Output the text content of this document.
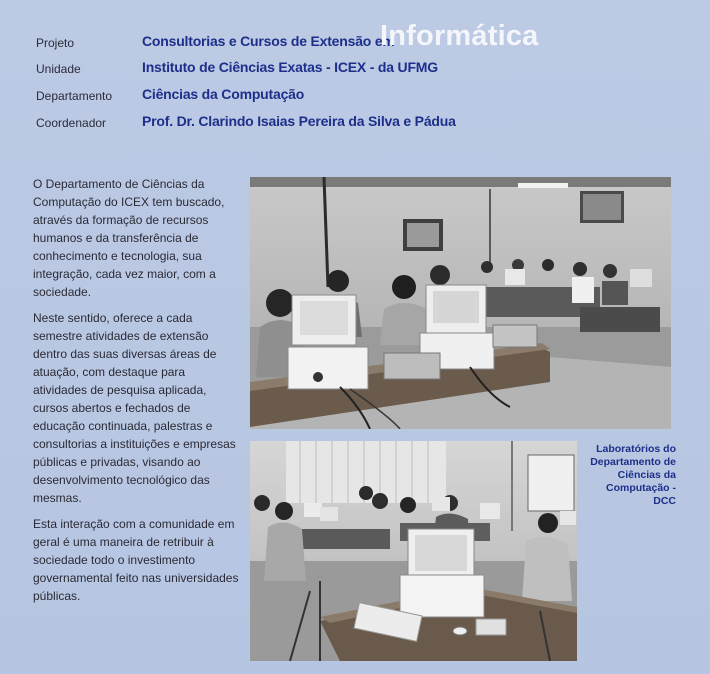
Projeto	Consultorias e Cursos de Extensão em
Unidade	Instituto de Ciências Exatas - ICEX - da UFMG
Departamento	Ciências da Computação
Coordenador	Prof. Dr. Clarindo Isaias Pereira da Silva e Pádua
Informática

O Departamento de Ciências da Computação do ICEX tem buscado, através da formação de recursos humanos e da transferência de conhecimento e tecnologia, sua integração, cada vez maior, com a sociedade.

Neste sentido, oferece a cada semestre atividades de extensão dentro das suas diversas áreas de atuação, com destaque para atividades de pesquisa aplicada, cursos abertos e fechados de educação continuada, palestras e consultorias a instituições e empresas públicas e privadas, visando ao desenvolvimento tecnológico das mesmas.

Esta interação com a comunidade em geral é uma maneira de retribuir à sociedade todo o investimento governamental feito nas universidades públicas.

Laboratórios do Departamento de Ciências da Computação - DCC
